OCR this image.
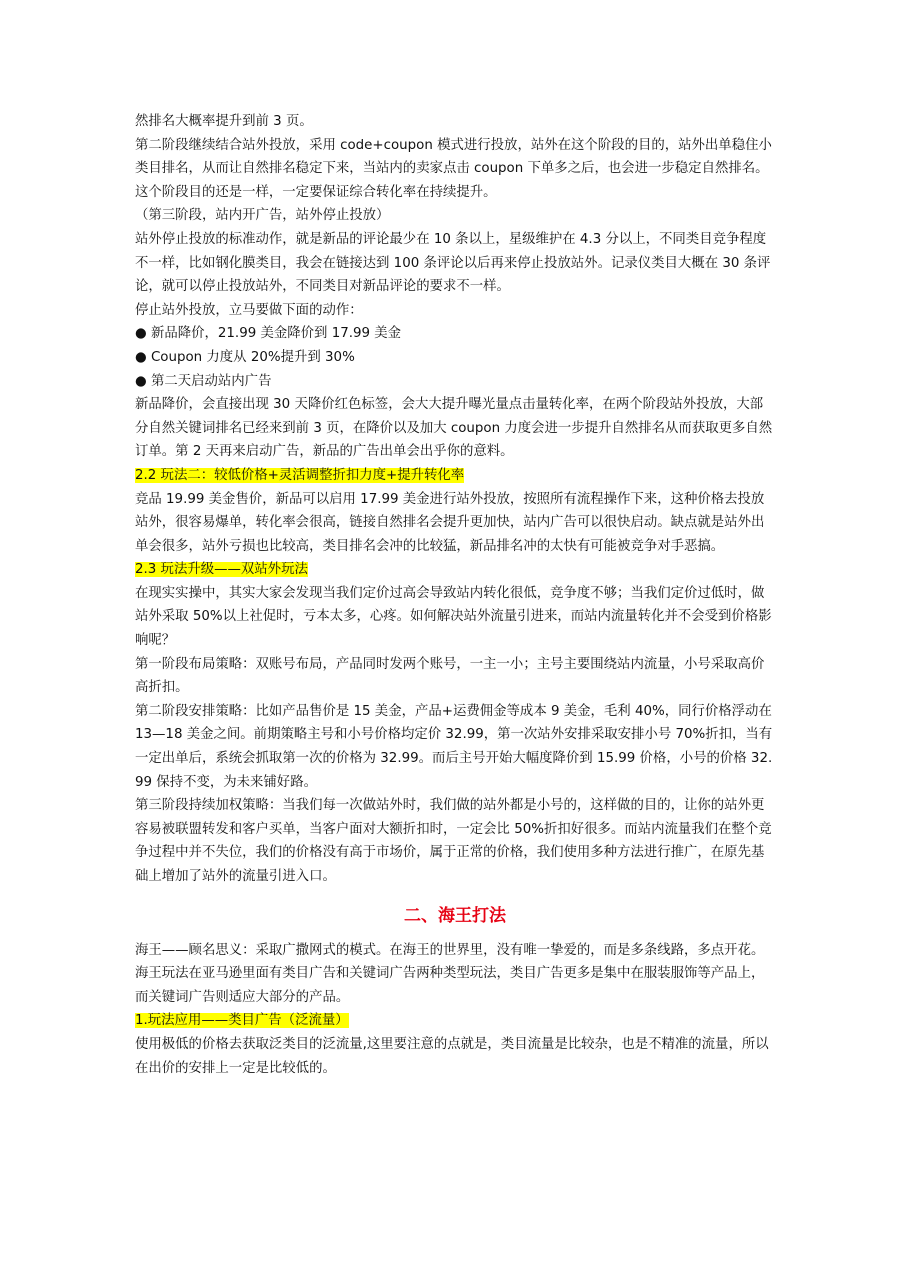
然排名大概率提升到前 3 页。

第二阶段继续结合站外投放，采用 code+coupon 模式进行投放，站外在这个阶段的目的，站外出单稳住小类目排名，从而让自然排名稳定下来，当站内的卖家点击 coupon 下单多之后，也会进一步稳定自然排名。

这个阶段目的还是一样，一定要保证综合转化率在持续提升。

（第三阶段，站内开广告，站外停止投放）

站外停止投放的标准动作，就是新品的评论最少在 10 条以上，星级维护在 4.3 分以上，不同类目竞争程度不一样，比如钢化膜类目，我会在链接达到 100 条评论以后再来停止投放站外。记录仪类目大概在 30 条评论，就可以停止投放站外，不同类目对新品评论的要求不一样。

停止站外投放，立马要做下面的动作：

● 新品降价，21.99 美金降价到 17.99 美金

● Coupon 力度从 20%提升到 30%

● 第二天启动站内广告

新品降价，会直接出现 30 天降价红色标签，会大大提升曝光量点击量转化率，在两个阶段站外投放，大部分自然关键词排名已经来到前 3 页，在降价以及加大 coupon 力度会进一步提升自然排名从而获取更多自然订单。第 2 天再来启动广告，新品的广告出单会出乎你的意料。

2.2 玩法二：较低价格+灵活调整折扣力度+提升转化率

竞品 19.99 美金售价，新品可以启用 17.99 美金进行站外投放，按照所有流程操作下来，这种价格去投放站外，很容易爆单，转化率会很高，链接自然排名会提升更加快，站内广告可以很快启动。缺点就是站外出单会很多，站外亏损也比较高，类目排名会冲的比较猛，新品排名冲的太快有可能被竞争对手恶搞。

2.3 玩法升级——双站外玩法

在现实实操中，其实大家会发现当我们定价过高会导致站内转化很低，竞争度不够；当我们定价过低时，做站外采取 50%以上社促时，亏本太多，心疼。如何解决站外流量引进来，而站内流量转化并不会受到价格影响呢？

第一阶段布局策略：双账号布局，产品同时发两个账号，一主一小；主号主要围绕站内流量，小号采取高价高折扣。

第二阶段安排策略：比如产品售价是 15 美金，产品+运费佣金等成本 9 美金，毛利 40%，同行价格浮动在 13—18 美金之间。前期策略主号和小号价格均定价 32.99，第一次站外安排采取安排小号 70%折扣，当有一定出单后，系统会抓取第一次的价格为 32.99。而后主号开始大幅度降价到 15.99 价格，小号的价格 32.99 保持不变，为未来铺好路。

第三阶段持续加权策略：当我们每一次做站外时，我们做的站外都是小号的，这样做的目的，让你的站外更容易被联盟转发和客户买单，当客户面对大额折扣时，一定会比 50%折扣好很多。而站内流量我们在整个竞争过程中并不失位，我们的价格没有高于市场价，属于正常的价格，我们使用多种方法进行推广，在原先基础上增加了站外的流量引进入口。

二、海王打法

海王——顾名思义：采取广撒网式的模式。在海王的世界里，没有唯一挚爱的，而是多条线路，多点开花。海王玩法在亚马逊里面有类目广告和关键词广告两种类型玩法，类目广告更多是集中在服装服饰等产品上，而关键词广告则适应大部分的产品。

1.玩法应用——类目广告（泛流量）

使用极低的价格去获取泛类目的泛流量,这里要注意的点就是，类目流量是比较杂，也是不精准的流量，所以在出价的安排上一定是比较低的。
